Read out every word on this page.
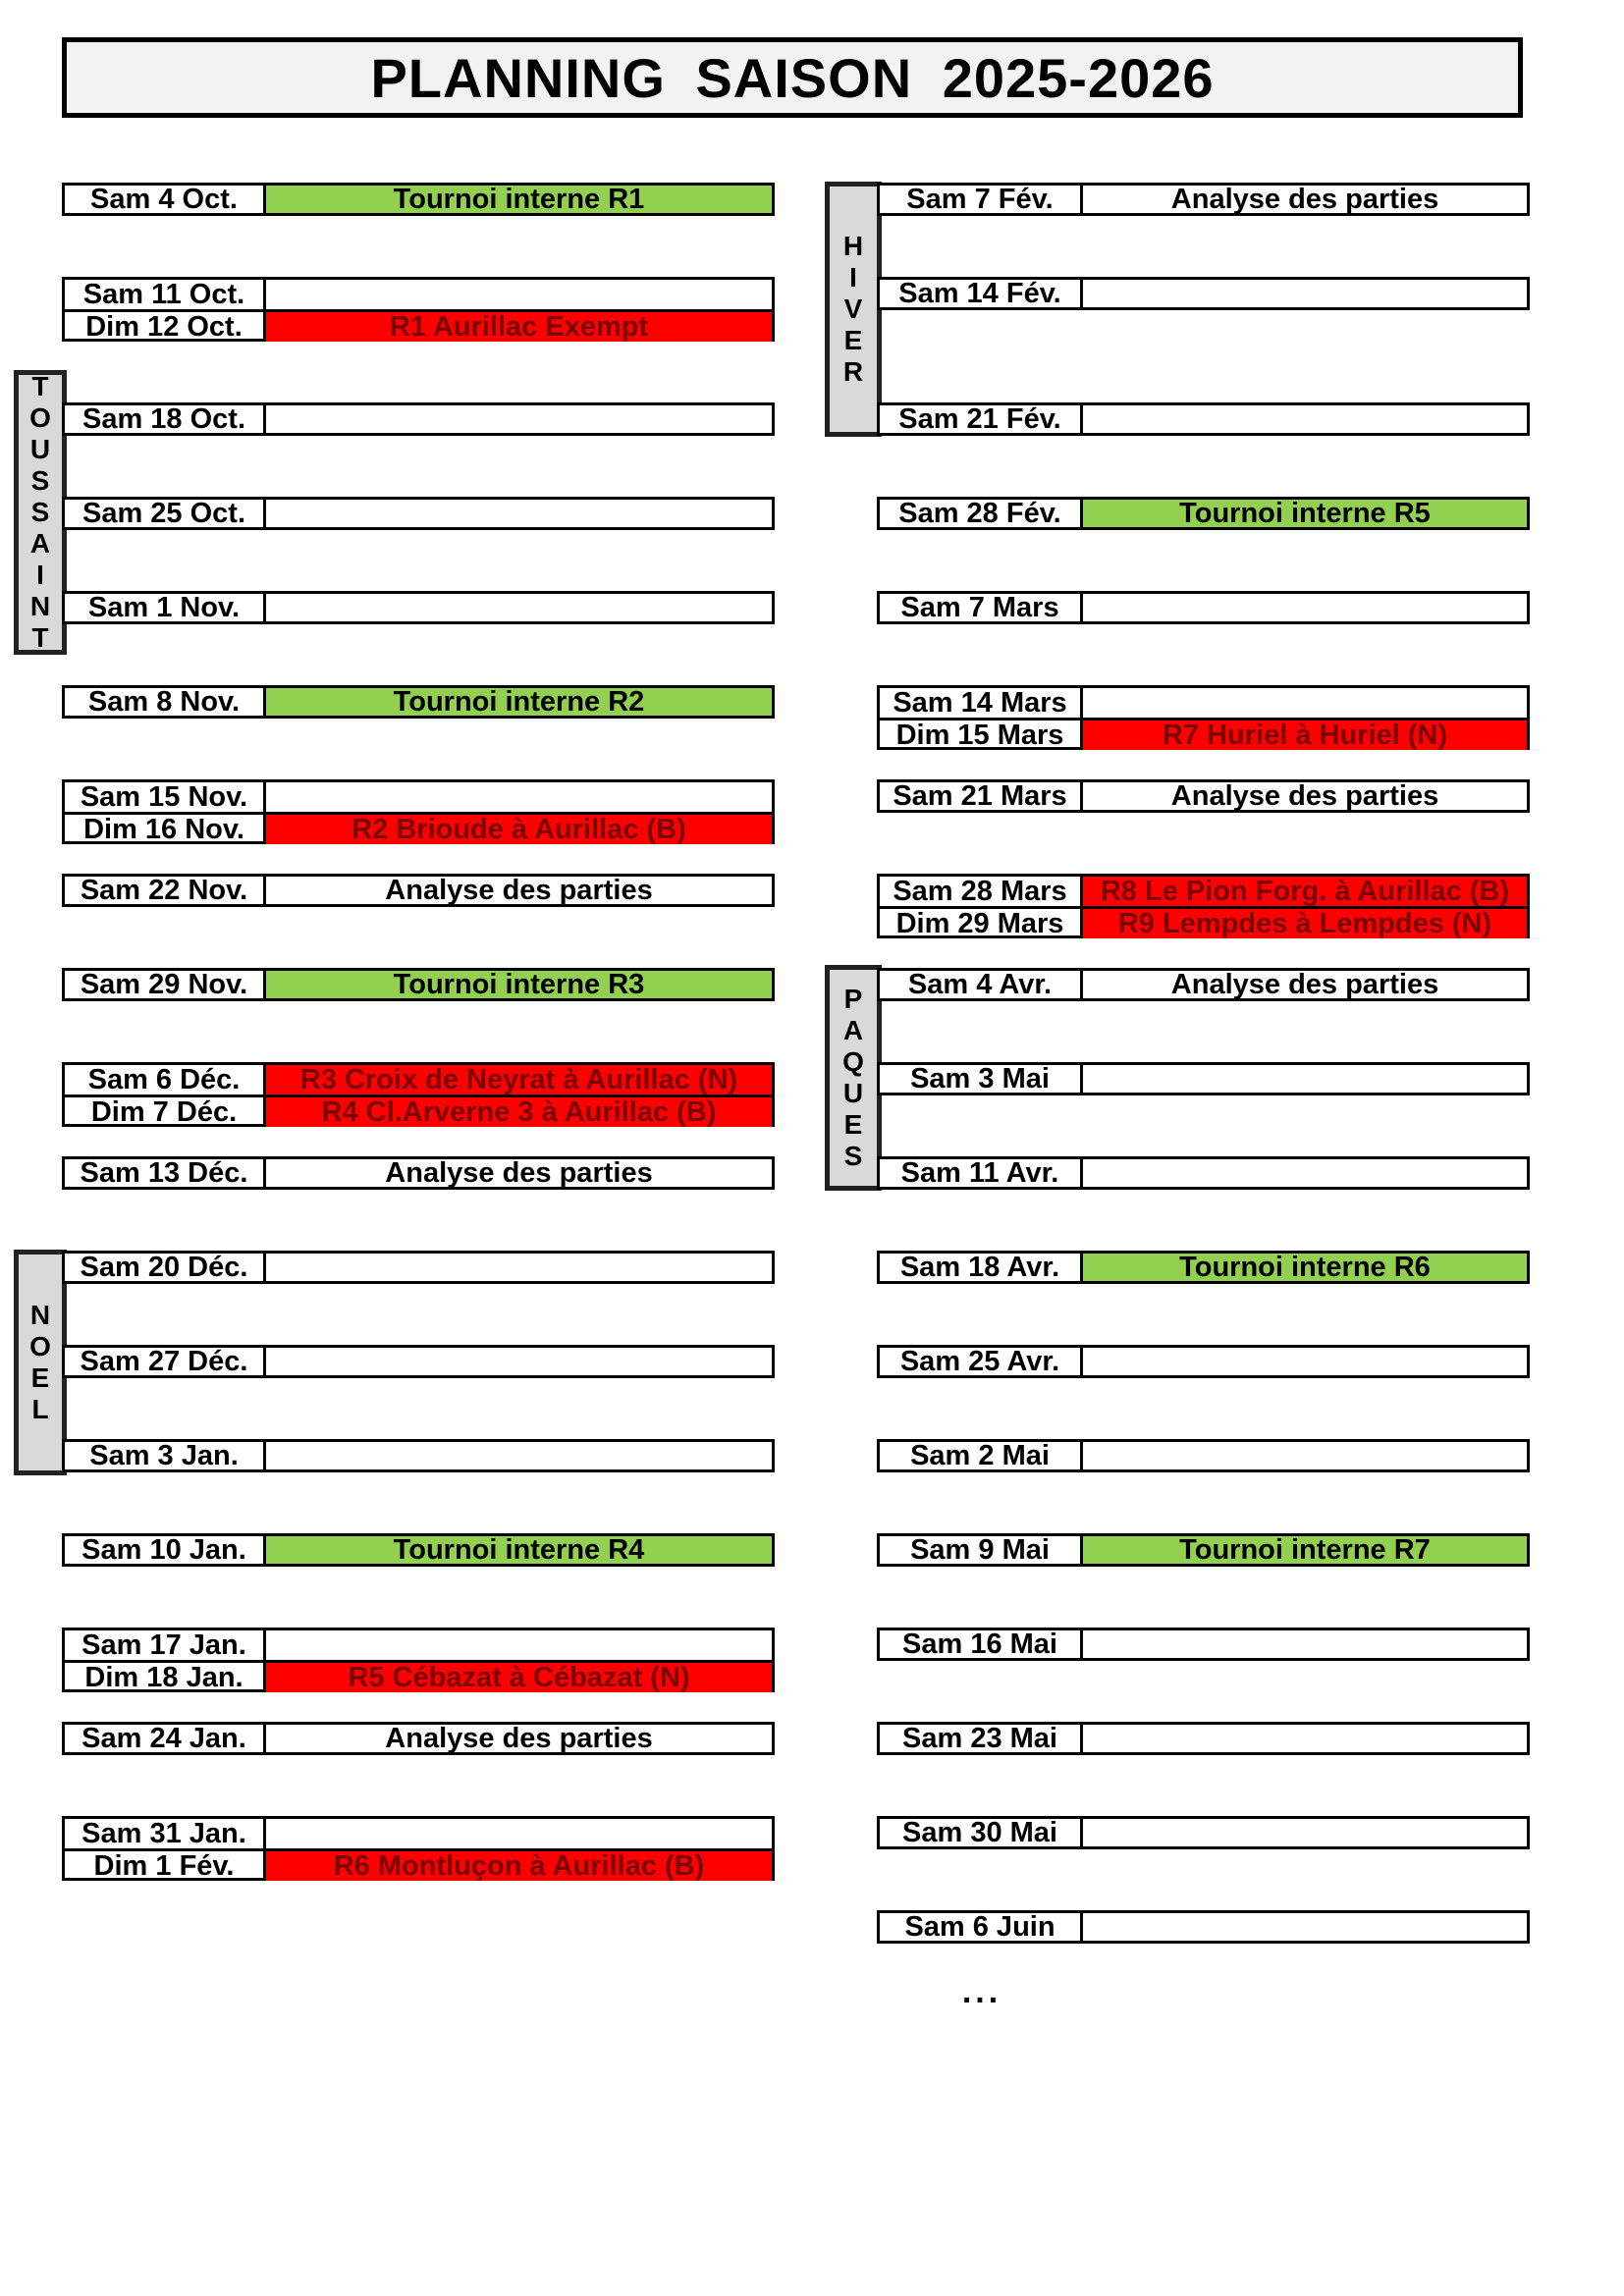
PLANNING SAISON 2025-2026
T
O
U
S
S
A
I
N
T
N
O
E
L
H
I
V
E
R
P
A
Q
U
E
S
Sam 4 Oct.	Tournoi interne R1
Sam 11 Oct.
Dim 12 Oct.	R1 Aurillac Exempt
Sam 18 Oct.
Sam 25 Oct.
Sam 1 Nov.
Sam 8 Nov.	Tournoi interne R2
Sam 15 Nov.
Dim 16 Nov.	R2 Brioude à Aurillac (B)
Sam 22 Nov.	Analyse des parties
Sam 29 Nov.	Tournoi interne R3
Sam 6 Déc.	R3 Croix de Neyrat à Aurillac (N)
Dim 7 Déc.	R4 Cl.Arverne 3 à Aurillac (B)
Sam 13 Déc.	Analyse des parties
Sam 20 Déc.
Sam 27 Déc.
Sam 3 Jan.
Sam 10 Jan.	Tournoi interne R4
Sam 17 Jan.
Dim 18 Jan.	R5 Cébazat à Cébazat (N)
Sam 24 Jan.	Analyse des parties
Sam 31 Jan.
Dim 1 Fév.	R6 Montluçon à Aurillac (B)
Sam 7 Fév.	Analyse des parties
Sam 14 Fév.
Sam 21 Fév.
Sam 28 Fév.	Tournoi interne R5
Sam 7 Mars
Sam 14 Mars
Dim 15 Mars	R7 Huriel à Huriel (N)
Sam 21 Mars	Analyse des parties
Sam 28 Mars	R8 Le Pion Forg. à Aurillac (B)
Dim 29 Mars	R9 Lempdes à Lempdes (N)
Sam 4 Avr.	Analyse des parties
Sam 3 Mai
Sam 11 Avr.
Sam 18 Avr.	Tournoi interne R6
Sam 25 Avr.
Sam 2 Mai
Sam 9 Mai	Tournoi interne R7
Sam 16 Mai
Sam 23 Mai
Sam 30 Mai
Sam 6 Juin
...
